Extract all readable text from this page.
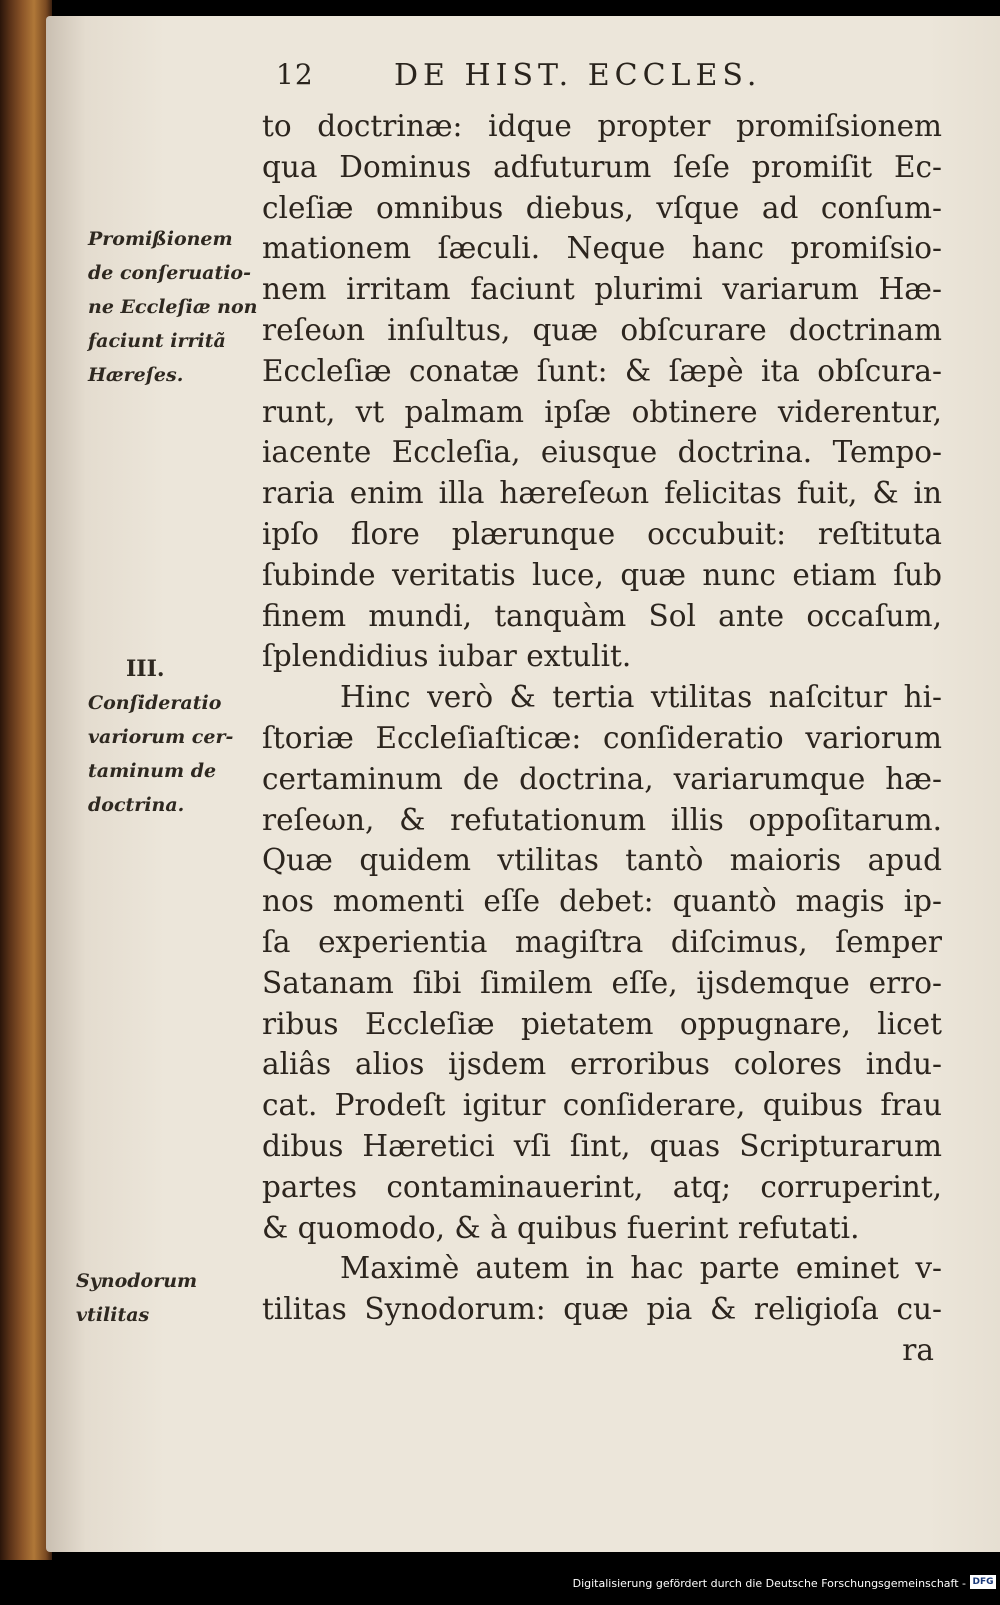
12	DE HIST. ECCLES.
Promißionem
de conſeruatio-
ne Eccleſiæ non
faciunt irritã
Hæreſes.
III.
Conſideratio
variorum cer-
taminum de
doctrina.
Synodorum
vtilitas
to doctrinæ: idque propter promiſsionem
qua Dominus adfuturum ſeſe promiſit Ec-
cleſiæ omnibus diebus, vſque ad conſum-
mationem ſæculi. Neque hanc promiſsio-
nem irritam faciunt plurimi variarum Hæ-
reſeωn inſultus, quæ obſcurare doctrinam
Eccleſiæ conatæ ſunt: & ſæpè ita obſcura-
runt, vt palmam ipſæ obtinere viderentur,
iacente Eccleſia, eiusque doctrina. Tempo-
raria enim illa hæreſeωn felicitas fuit, & in
ipſo flore plærunque occubuit: reſtituta
ſubinde veritatis luce, quæ nunc etiam ſub
finem mundi, tanquàm Sol ante occaſum,
ſplendidius iubar extulit.
Hinc verò & tertia vtilitas naſcitur hi-
ſtoriæ Eccleſiaſticæ: conſideratio variorum
certaminum de doctrina, variarumque hæ-
reſeωn, & refutationum illis oppoſitarum.
Quæ quidem vtilitas tantò maioris apud
nos momenti eſſe debet: quantò magis ip-
ſa experientia magiſtra diſcimus, ſemper
Satanam ſibi ſimilem eſſe, ijsdemque erro-
ribus Eccleſiæ pietatem oppugnare, licet
aliâs alios ijsdem erroribus colores indu-
cat. Prodeſt igitur conſiderare, quibus frau
dibus Hæretici vſi ſint, quas Scripturarum
partes contaminauerint, atq; corruperint,
& quomodo, & à quibus fuerint refutati.
Maximè autem in hac parte eminet v-
tilitas Synodorum: quæ pia & religioſa cu-
ra
Digitalisierung gefördert durch die Deutsche Forschungsgemeinschaft - DFG
